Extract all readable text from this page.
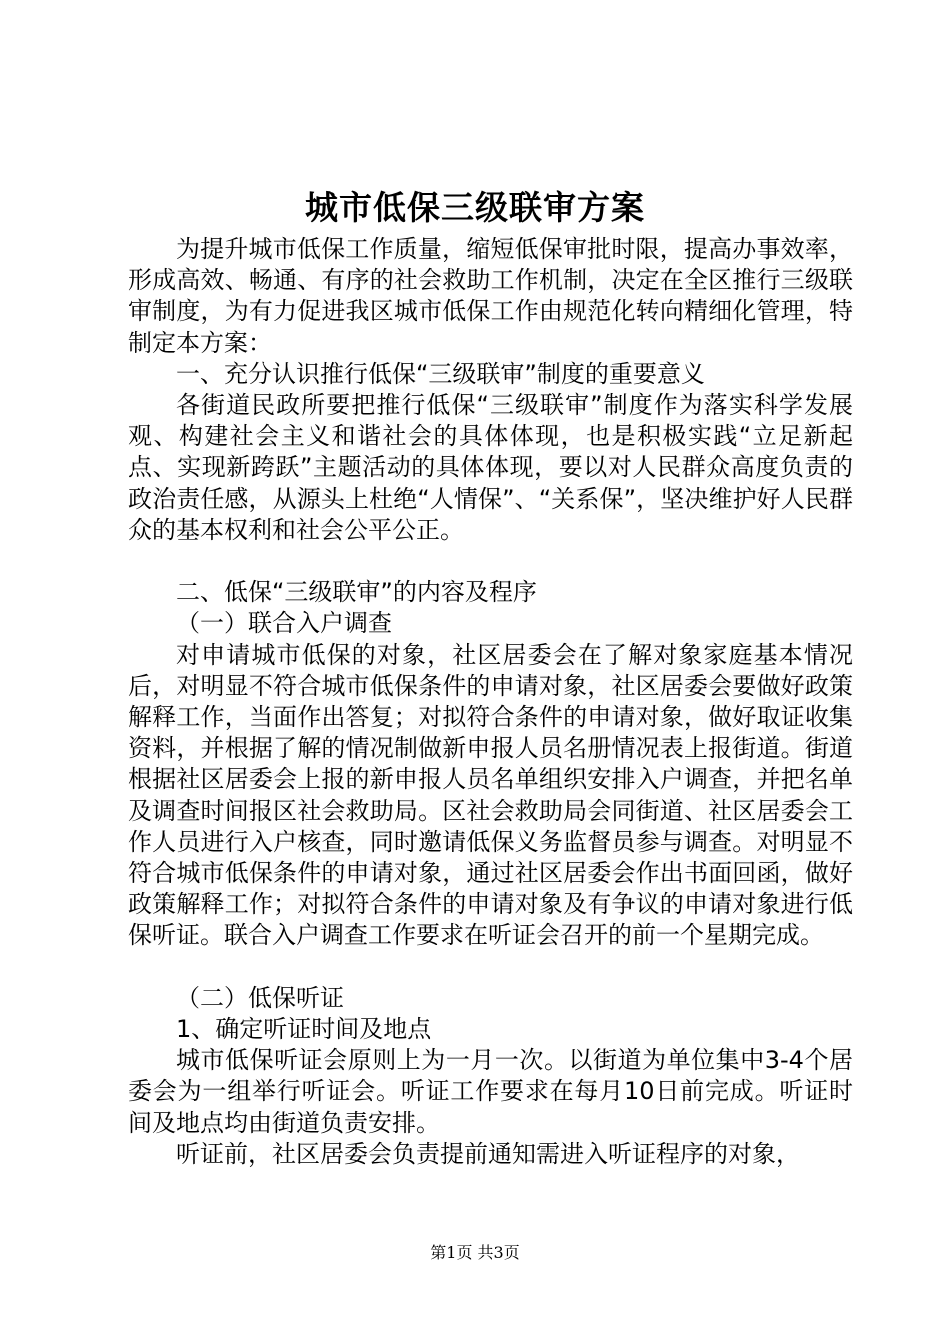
城市低保三级联审方案

为提升城市低保工作质量，缩短低保审批时限，提高办事效率，形成高效、畅通、有序的社会救助工作机制，决定在全区推行三级联审制度，为有力促进我区城市低保工作由规范化转向精细化管理，特制定本方案：

一、充分认识推行低保“三级联审”制度的重要意义

各街道民政所要把推行低保“三级联审”制度作为落实科学发展观、构建社会主义和谐社会的具体体现，也是积极实践“立足新起点、实现新跨跃”主题活动的具体体现，要以对人民群众高度负责的政治责任感，从源头上杜绝“人情保”、“关系保”，坚决维护好人民群众的基本权利和社会公平公正。

二、低保“三级联审”的内容及程序

（一）联合入户调查

对申请城市低保的对象，社区居委会在了解对象家庭基本情况后，对明显不符合城市低保条件的申请对象，社区居委会要做好政策解释工作，当面作出答复；对拟符合条件的申请对象，做好取证收集资料，并根据了解的情况制做新申报人员名册情况表上报街道。街道根据社区居委会上报的新申报人员名单组织安排入户调查，并把名单及调查时间报区社会救助局。区社会救助局会同街道、社区居委会工作人员进行入户核查，同时邀请低保义务监督员参与调查。对明显不符合城市低保条件的申请对象，通过社区居委会作出书面回函，做好政策解释工作；对拟符合条件的申请对象及有争议的申请对象进行低保听证。联合入户调查工作要求在听证会召开的前一个星期完成。

（二）低保听证

1、确定听证时间及地点

城市低保听证会原则上为一月一次。以街道为单位集中3-4个居委会为一组举行听证会。听证工作要求在每月10日前完成。听证时间及地点均由街道负责安排。

听证前，社区居委会负责提前通知需进入听证程序的对象，

第1页 共3页
